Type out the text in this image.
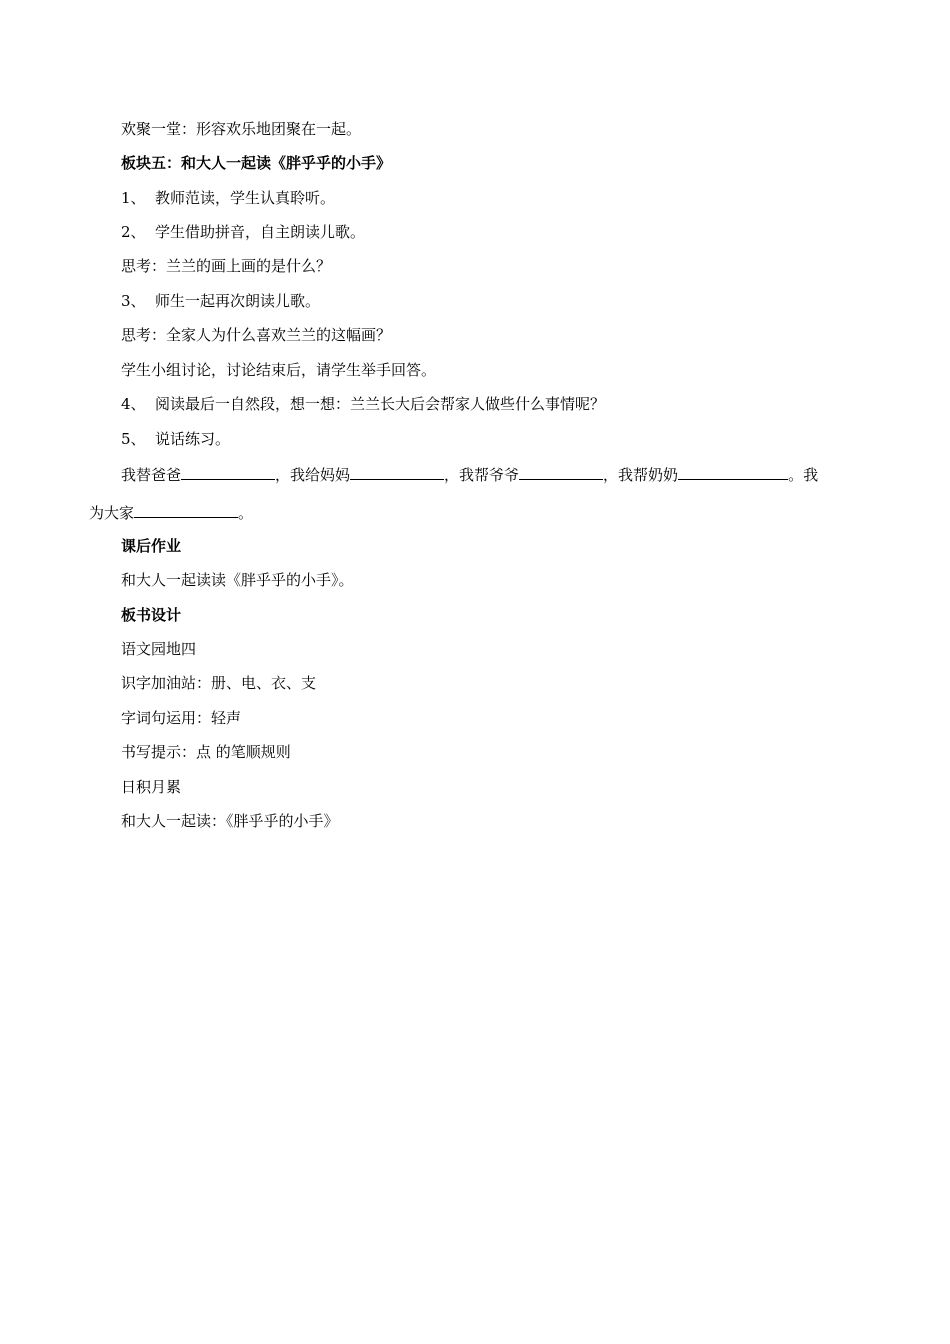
欢聚一堂：形容欢乐地团聚在一起。
板块五：和大人一起读《胖乎乎的小手》
1、 教师范读，学生认真聆听。
2、 学生借助拼音，自主朗读儿歌。
思考：兰兰的画上画的是什么？
3、 师生一起再次朗读儿歌。
思考：全家人为什么喜欢兰兰的这幅画？
学生小组讨论，讨论结束后，请学生举手回答。
4、 阅读最后一自然段，想一想：兰兰长大后会帮家人做些什么事情呢？
5、 说话练习。
我替爸爸	，我给妈妈	，我帮爷爷	，我帮奶奶	。我
为大家	。
课后作业
和大人一起读读《胖乎乎的小手》。
板书设计
语文园地四
识字加油站：册、电、衣、支
字词句运用：轻声
书写提示：点 的笔顺规则
日积月累
和大人一起读：《胖乎乎的小手》
